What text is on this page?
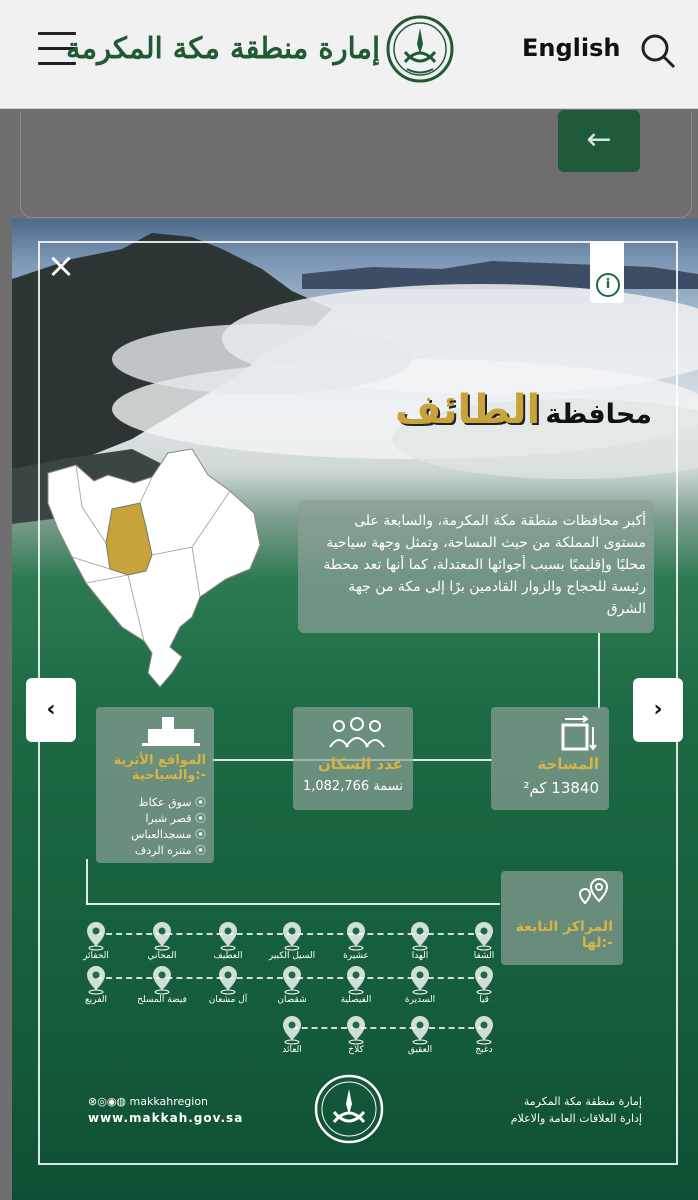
إمارة منطقة مكة المكرمة	English
←
×	i
محافظة الطائف
أكبر محافظات منطقة مكة المكرمة، والسابعة على مستوى المملكة من حيث المساحة، وتمثل وجهة سياحية محليًا وإقليميًا بسبب أجوائها المعتدلة، كما أنها تعد محطة رئيسة للحجاج والزوار القادمين برًا إلى مكة من جهة الشرق
المساحة
13840 كم²
عدد السكان
نسمة 1,082,766
المواقع الأثرية
والسياحية:-
⦿ سوق عكاظ
⦿ قصر شبرا
⦿ مسجدالعباس
⦿ متنزه الردف
المراكز التابعة
لها:-
الشفا
الهدا
عشيرة
السيل الكبير
العطيف
المحاني
الحفائر
قيا
السديرة
الفيصلية
شقصان
آل مشعان
فيضة المسلح
الفريع
دغبج
العقيق
كلاخ
العائد
⊗◎◉◍ makkahregion
www.makkah.gov.sa
إمارة منطقة مكة المكرمة
إدارة العلاقات العامة والاعلام
‹	›
